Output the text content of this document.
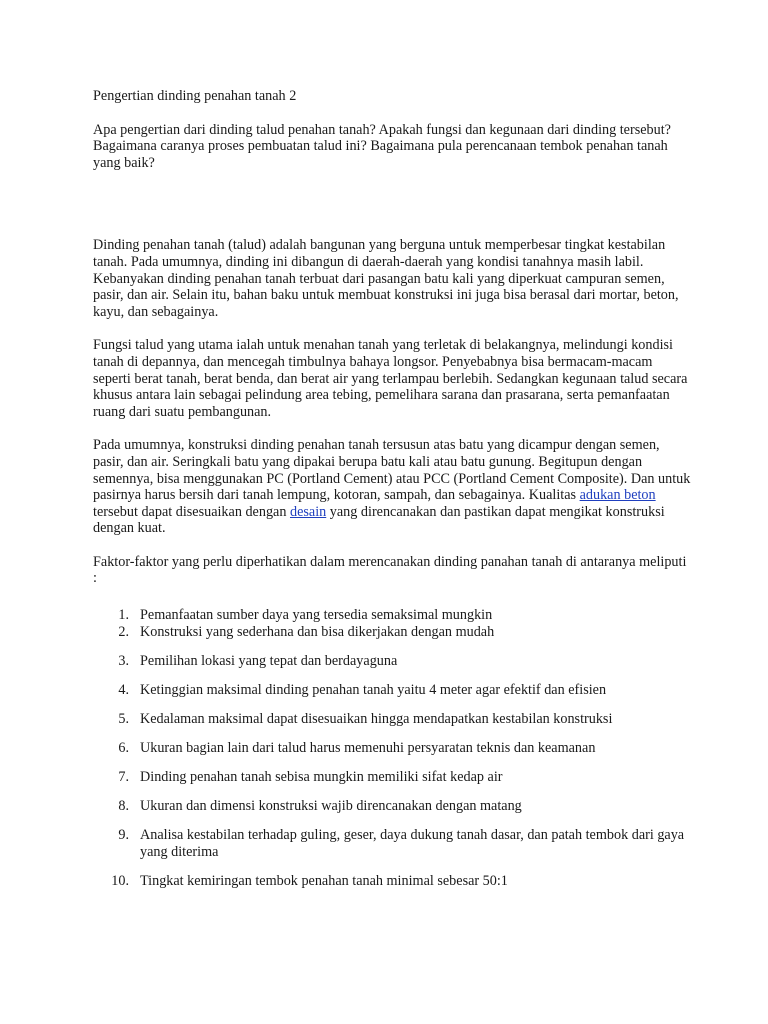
Pengertian dinding penahan tanah 2

Apa pengertian dari dinding talud penahan tanah? Apakah fungsi dan kegunaan dari dinding tersebut? Bagaimana caranya proses pembuatan talud ini? Bagaimana pula perencanaan tembok penahan tanah yang baik?

Dinding penahan tanah (talud) adalah bangunan yang berguna untuk memperbesar tingkat kestabilan tanah. Pada umumnya, dinding ini dibangun di daerah-daerah yang kondisi tanahnya masih labil. Kebanyakan dinding penahan tanah terbuat dari pasangan batu kali yang diperkuat campuran semen, pasir, dan air. Selain itu, bahan baku untuk membuat konstruksi ini juga bisa berasal dari mortar, beton, kayu, dan sebagainya.

Fungsi talud yang utama ialah untuk menahan tanah yang terletak di belakangnya, melindungi kondisi tanah di depannya, dan mencegah timbulnya bahaya longsor. Penyebabnya bisa bermacam-macam seperti berat tanah, berat benda, dan berat air yang terlampau berlebih. Sedangkan kegunaan talud secara khusus antara lain sebagai pelindung area tebing, pemelihara sarana dan prasarana, serta pemanfaatan ruang dari suatu pembangunan.

Pada umumnya, konstruksi dinding penahan tanah tersusun atas batu yang dicampur dengan semen, pasir, dan air. Seringkali batu yang dipakai berupa batu kali atau batu gunung. Begitupun dengan semennya, bisa menggunakan PC (Portland Cement) atau PCC (Portland Cement Composite). Dan untuk pasirnya harus bersih dari tanah lempung, kotoran, sampah, dan sebagainya. Kualitas adukan beton tersebut dapat disesuaikan dengan desain yang direncanakan dan pastikan dapat mengikat konstruksi dengan kuat.

Faktor-faktor yang perlu diperhatikan dalam merencanakan dinding panahan tanah di antaranya meliputi :

1. Pemanfaatan sumber daya yang tersedia semaksimal mungkin
2. Konstruksi yang sederhana dan bisa dikerjakan dengan mudah
3. Pemilihan lokasi yang tepat dan berdayaguna
4. Ketinggian maksimal dinding penahan tanah yaitu 4 meter agar efektif dan efisien
5. Kedalaman maksimal dapat disesuaikan hingga mendapatkan kestabilan konstruksi
6. Ukuran bagian lain dari talud harus memenuhi persyaratan teknis dan keamanan
7. Dinding penahan tanah sebisa mungkin memiliki sifat kedap air
8. Ukuran dan dimensi konstruksi wajib direncanakan dengan matang
9. Analisa kestabilan terhadap guling, geser, daya dukung tanah dasar, dan patah tembok dari gaya yang diterima
10. Tingkat kemiringan tembok penahan tanah minimal sebesar 50:1
